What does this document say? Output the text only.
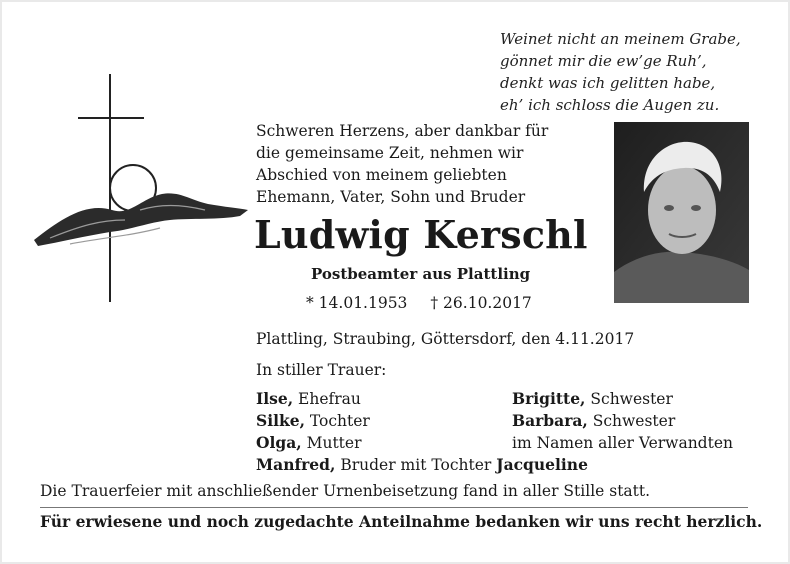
Weinet nicht an meinem Grabe,
gönnet mir die ew’ge Ruh’,
denkt was ich gelitten habe,
eh’ ich schloss die Augen zu.
Schweren Herzens, aber dankbar für
die gemeinsame Zeit, nehmen wir
Abschied von meinem geliebten
Ehemann, Vater, Sohn und Bruder
Ludwig Kerschl
Postbeamter aus Plattling
* 14.01.1953 † 26.10.2017
Plattling, Straubing, Göttersdorf, den 4.11.2017
In stiller Trauer:
Ilse, Ehefrau
Silke, Tochter
Olga, Mutter
Manfred, Bruder mit Tochter Jacqueline
Brigitte, Schwester
Barbara, Schwester
im Namen aller Verwandten
Die Trauerfeier mit anschließender Urnenbeisetzung fand in aller Stille statt.
Für erwiesene und noch zugedachte Anteilnahme bedanken wir uns recht herzlich.
